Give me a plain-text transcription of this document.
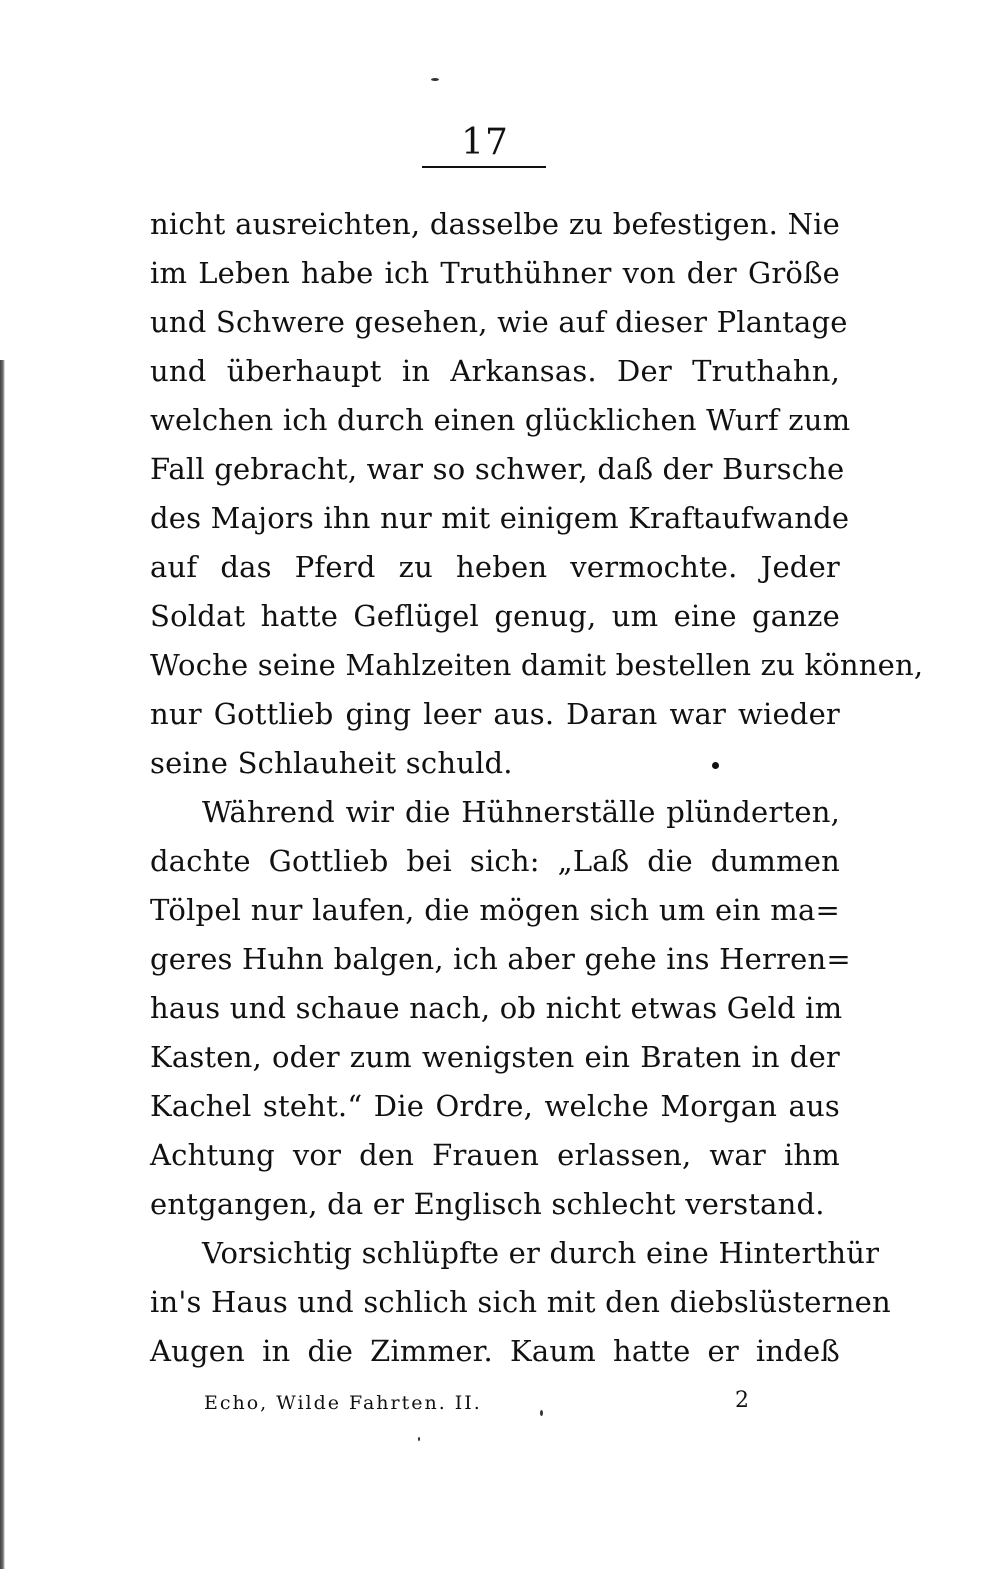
17
nicht ausreichten, dasselbe zu befestigen. Nie
im Leben habe ich Truthühner von der Größe
und Schwere gesehen, wie auf dieser Plantage
und überhaupt in Arkansas. Der Truthahn,
welchen ich durch einen glücklichen Wurf zum
Fall gebracht, war so schwer, daß der Bursche
des Majors ihn nur mit einigem Kraftaufwande
auf das Pferd zu heben vermochte. Jeder
Soldat hatte Geflügel genug, um eine ganze
Woche seine Mahlzeiten damit bestellen zu können,
nur Gottlieb ging leer aus. Daran war wieder
seine Schlauheit schuld.
Während wir die Hühnerställe plünderten,
dachte Gottlieb bei sich: „Laß die dummen
Tölpel nur laufen, die mögen sich um ein ma=
geres Huhn balgen, ich aber gehe ins Herren=
haus und schaue nach, ob nicht etwas Geld im
Kasten, oder zum wenigsten ein Braten in der
Kachel steht.“ Die Ordre, welche Morgan aus
Achtung vor den Frauen erlassen, war ihm
entgangen, da er Englisch schlecht verstand.
Vorsichtig schlüpfte er durch eine Hinterthür
in's Haus und schlich sich mit den diebslüsternen
Augen in die Zimmer. Kaum hatte er indeß
Echo, Wilde Fahrten. II.	2
